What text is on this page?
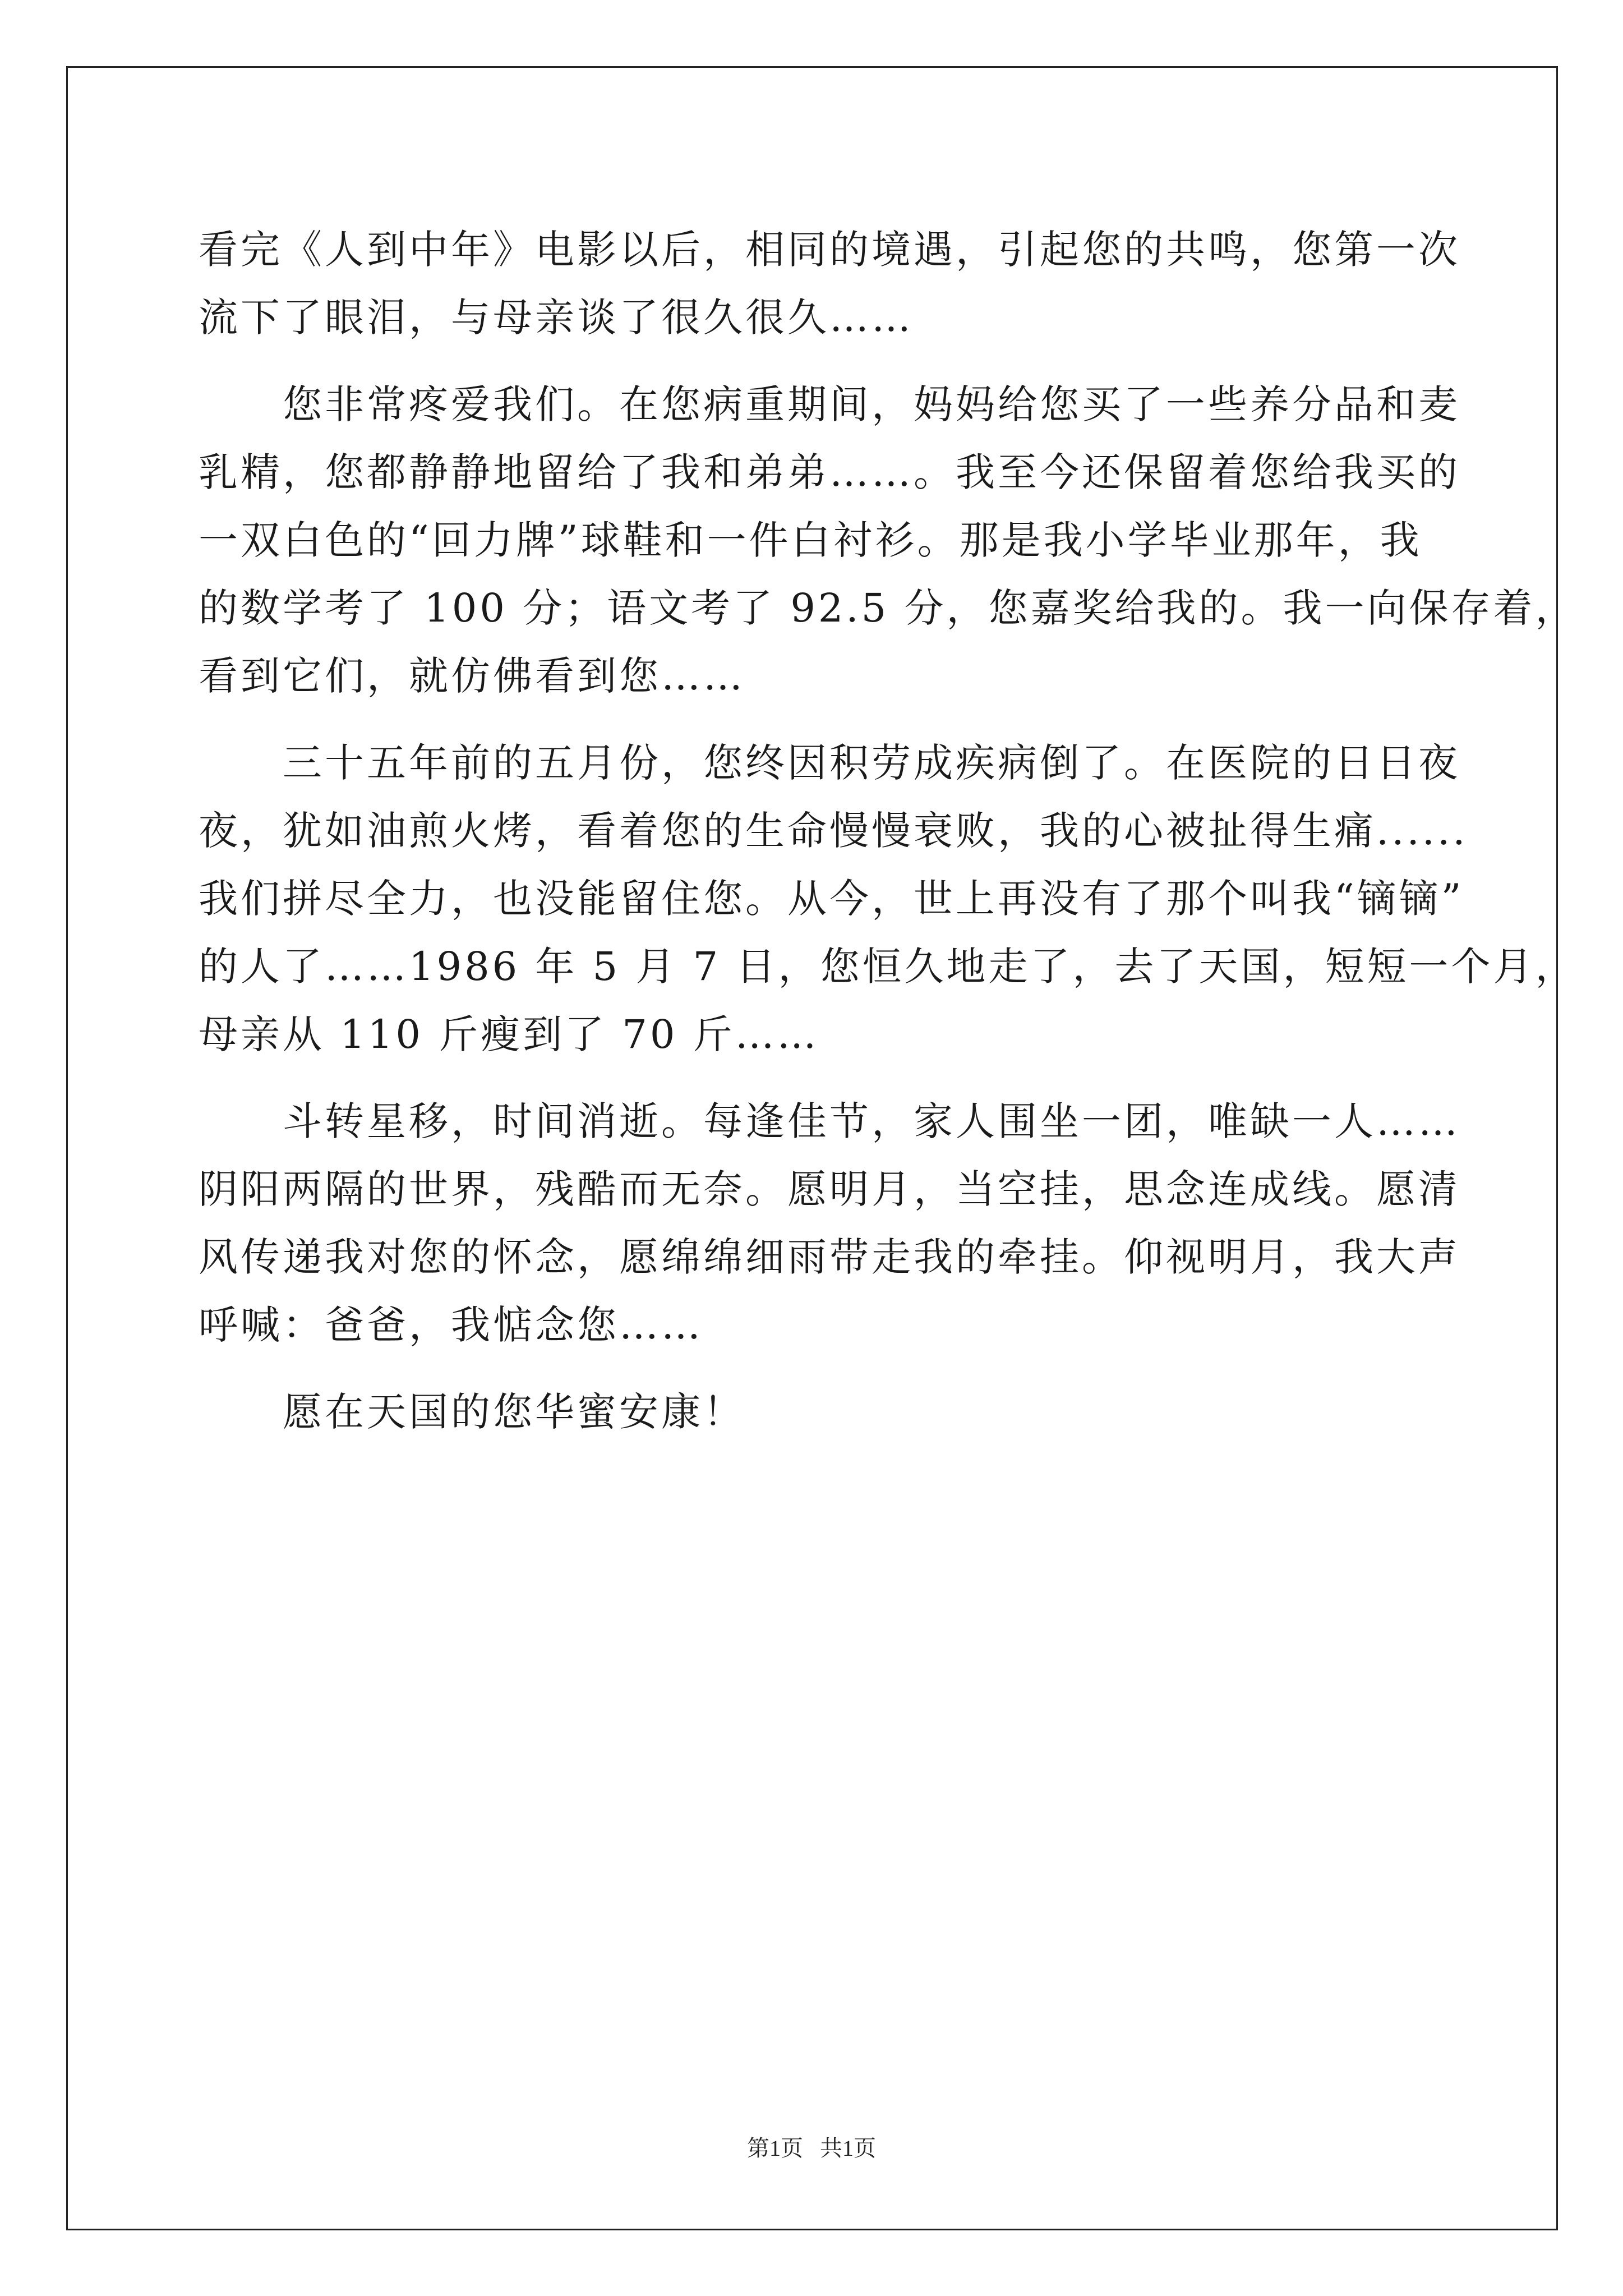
看完《人到中年》电影以后，相同的境遇，引起您的共鸣，您第一次
流下了眼泪，与母亲谈了很久很久……
您非常疼爱我们。在您病重期间，妈妈给您买了一些养分品和麦
乳精，您都静静地留给了我和弟弟……。我至今还保留着您给我买的
一双白色的“回力牌”球鞋和一件白衬衫。那是我小学毕业那年，我
的数学考了 100 分；语文考了 92.5 分，您嘉奖给我的。我一向保存着，
看到它们，就仿佛看到您……
三十五年前的五月份，您终因积劳成疾病倒了。在医院的日日夜
夜，犹如油煎火烤，看着您的生命慢慢衰败，我的心被扯得生痛......
我们拼尽全力，也没能留住您。从今，世上再没有了那个叫我“镝镝”
的人了……1986 年 5 月 7 日，您恒久地走了，去了天国，短短一个月，
母亲从 110 斤瘦到了 70 斤……
斗转星移，时间消逝。每逢佳节，家人围坐一团，唯缺一人……
阴阳两隔的世界，残酷而无奈。愿明月，当空挂，思念连成线。愿清
风传递我对您的怀念，愿绵绵细雨带走我的牵挂。仰视明月，我大声
呼喊：爸爸，我惦念您……
愿在天国的您华蜜安康！
第1页   共1页
